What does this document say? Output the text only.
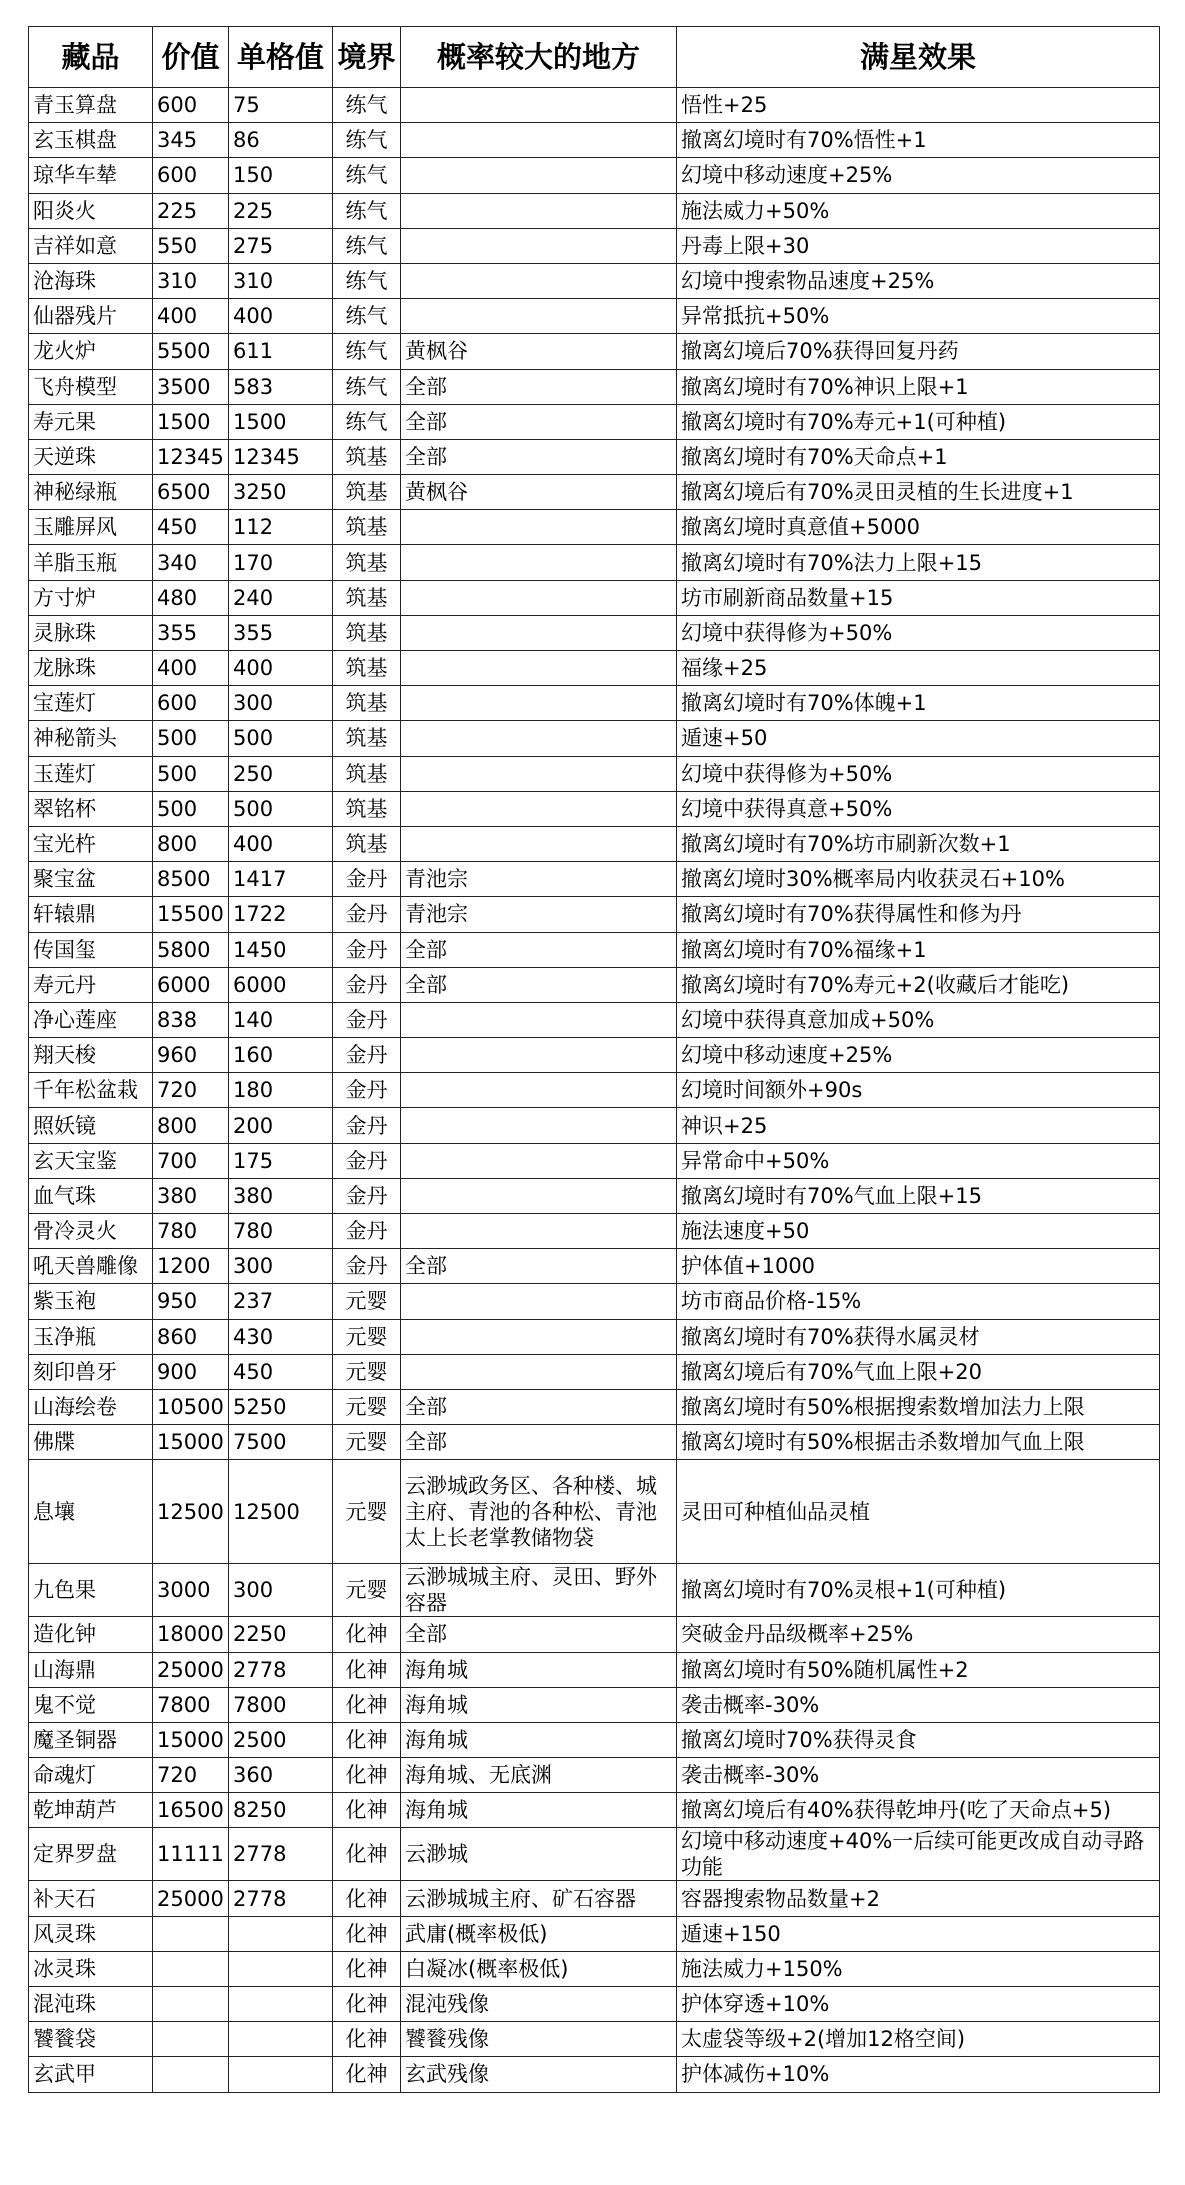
藏品	价值	单格值	境界	概率较大的地方	满星效果
青玉算盘	600	75	练气		悟性+25
玄玉棋盘	345	86	练气		撤离幻境时有70%悟性+1
琼华车辇	600	150	练气		幻境中移动速度+25%
阳炎火	225	225	练气		施法威力+50%
吉祥如意	550	275	练气		丹毒上限+30
沧海珠	310	310	练气		幻境中搜索物品速度+25%
仙器残片	400	400	练气		异常抵抗+50%
龙火炉	5500	611	练气	黄枫谷	撤离幻境后70%获得回复丹药
飞舟模型	3500	583	练气	全部	撤离幻境时有70%神识上限+1
寿元果	1500	1500	练气	全部	撤离幻境时有70%寿元+1(可种植)
天逆珠	12345	12345	筑基	全部	撤离幻境时有70%天命点+1
神秘绿瓶	6500	3250	筑基	黄枫谷	撤离幻境后有70%灵田灵植的生长进度+1
玉雕屏风	450	112	筑基		撤离幻境时真意值+5000
羊脂玉瓶	340	170	筑基		撤离幻境时有70%法力上限+15
方寸炉	480	240	筑基		坊市刷新商品数量+15
灵脉珠	355	355	筑基		幻境中获得修为+50%
龙脉珠	400	400	筑基		福缘+25
宝莲灯	600	300	筑基		撤离幻境时有70%体魄+1
神秘箭头	500	500	筑基		遁速+50
玉莲灯	500	250	筑基		幻境中获得修为+50%
翠铭杯	500	500	筑基		幻境中获得真意+50%
宝光杵	800	400	筑基		撤离幻境时有70%坊市刷新次数+1
聚宝盆	8500	1417	金丹	青池宗	撤离幻境时30%概率局内收获灵石+10%
轩辕鼎	15500	1722	金丹	青池宗	撤离幻境时有70%获得属性和修为丹
传国玺	5800	1450	金丹	全部	撤离幻境时有70%福缘+1
寿元丹	6000	6000	金丹	全部	撤离幻境时有70%寿元+2(收藏后才能吃)
净心莲座	838	140	金丹		幻境中获得真意加成+50%
翔天梭	960	160	金丹		幻境中移动速度+25%
千年松盆栽	720	180	金丹		幻境时间额外+90s
照妖镜	800	200	金丹		神识+25
玄天宝鉴	700	175	金丹		异常命中+50%
血气珠	380	380	金丹		撤离幻境时有70%气血上限+15
骨冷灵火	780	780	金丹		施法速度+50
吼天兽雕像	1200	300	金丹	全部	护体值+1000
紫玉袍	950	237	元婴		坊市商品价格-15%
玉净瓶	860	430	元婴		撤离幻境时有70%获得水属灵材
刻印兽牙	900	450	元婴		撤离幻境后有70%气血上限+20
山海绘卷	10500	5250	元婴	全部	撤离幻境时有50%根据搜索数增加法力上限
佛牒	15000	7500	元婴	全部	撤离幻境时有50%根据击杀数增加气血上限
息壤	12500	12500	元婴	云渺城政务区、各种楼、城主府、青池的各种松、青池太上长老掌教储物袋	灵田可种植仙品灵植
九色果	3000	300	元婴	云渺城城主府、灵田、野外容器	撤离幻境时有70%灵根+1(可种植)
造化钟	18000	2250	化神	全部	突破金丹品级概率+25%
山海鼎	25000	2778	化神	海角城	撤离幻境时有50%随机属性+2
鬼不觉	7800	7800	化神	海角城	袭击概率-30%
魔圣铜器	15000	2500	化神	海角城	撤离幻境时70%获得灵食
命魂灯	720	360	化神	海角城、无底渊	袭击概率-30%
乾坤葫芦	16500	8250	化神	海角城	撤离幻境后有40%获得乾坤丹(吃了天命点+5)
定界罗盘	11111	2778	化神	云渺城	幻境中移动速度+40%一后续可能更改成自动寻路功能
补天石	25000	2778	化神	云渺城城主府、矿石容器	容器搜索物品数量+2
风灵珠			化神	武庸(概率极低)	遁速+150
冰灵珠			化神	白凝冰(概率极低)	施法威力+150%
混沌珠			化神	混沌残像	护体穿透+10%
饕餮袋			化神	饕餮残像	太虚袋等级+2(增加12格空间)
玄武甲			化神	玄武残像	护体减伤+10%
